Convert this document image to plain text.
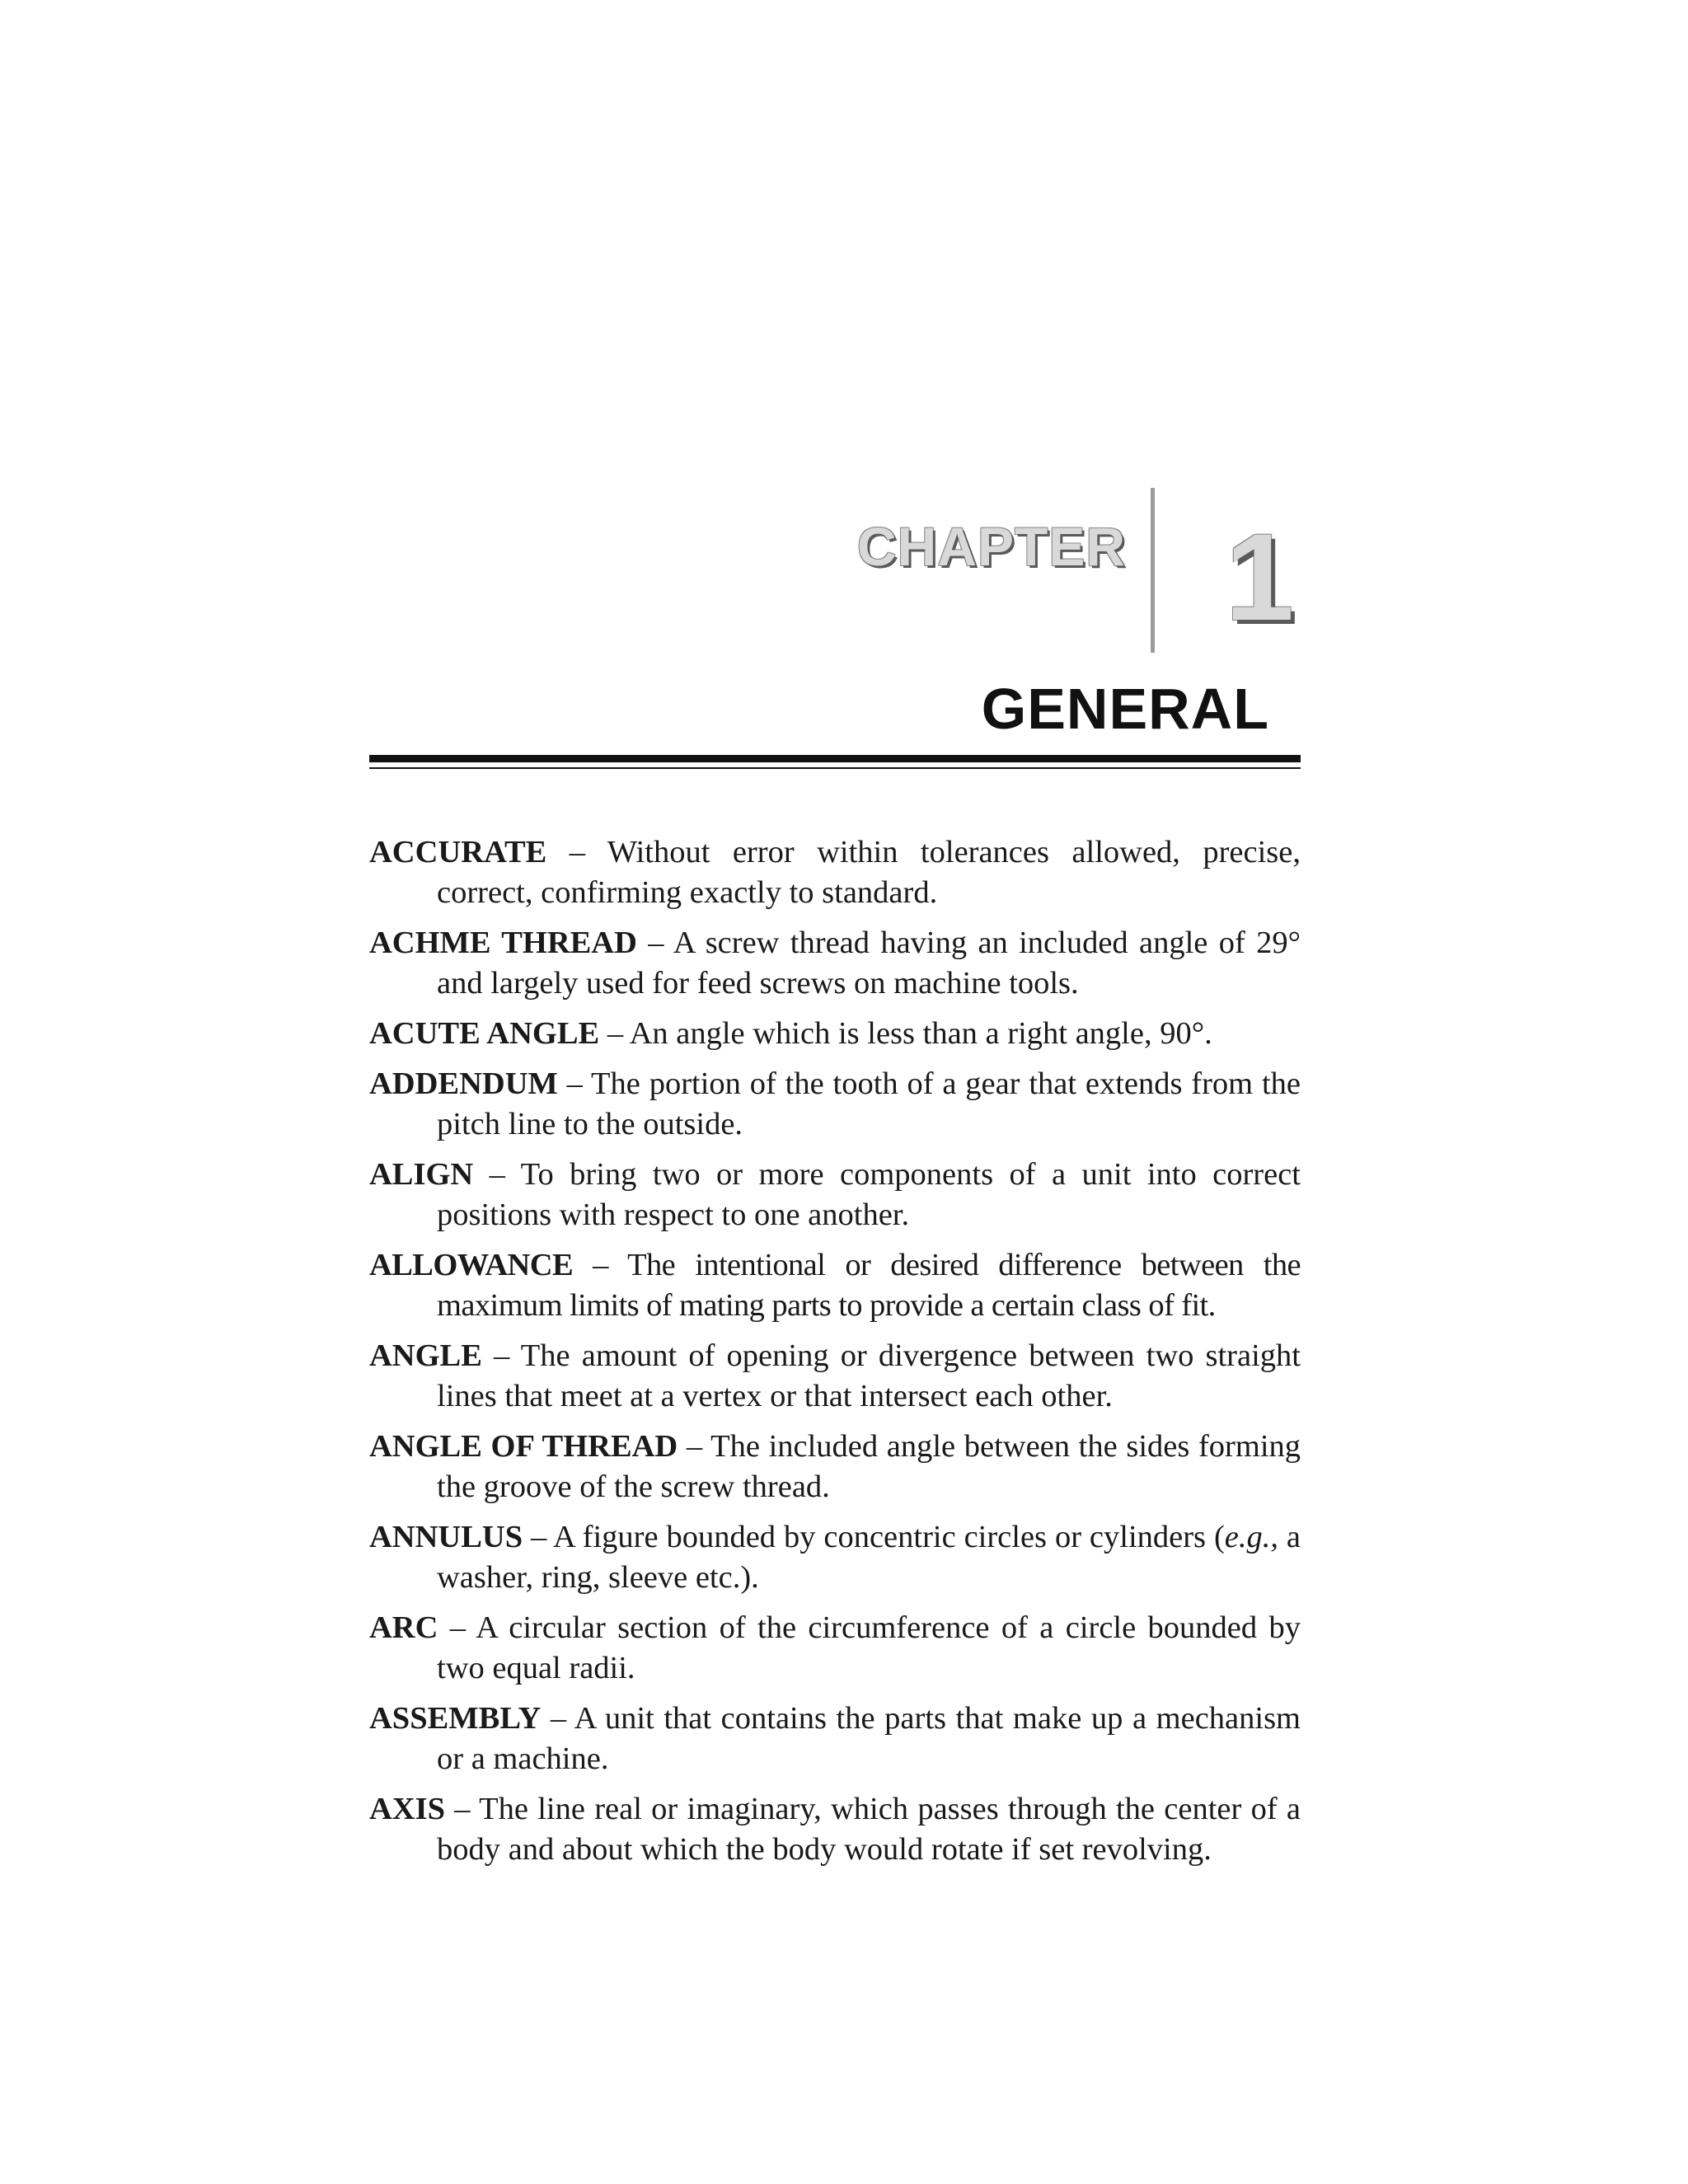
CHAPTER 1
GENERAL

ACCURATE – Without error within tolerances allowed, precise, correct, confirming exactly to standard.

ACHME THREAD – A screw thread having an included angle of 29° and largely used for feed screws on machine tools.

ACUTE ANGLE – An angle which is less than a right angle, 90°.

ADDENDUM – The portion of the tooth of a gear that extends from the pitch line to the outside.

ALIGN – To bring two or more components of a unit into correct positions with respect to one another.

ALLOWANCE – The intentional or desired difference between the maximum limits of mating parts to provide a certain class of fit.

ANGLE – The amount of opening or divergence between two straight lines that meet at a vertex or that intersect each other.

ANGLE OF THREAD – The included angle between the sides forming the groove of the screw thread.

ANNULUS – A figure bounded by concentric circles or cylinders (e.g., a washer, ring, sleeve etc.).

ARC – A circular section of the circumference of a circle bounded by two equal radii.

ASSEMBLY – A unit that contains the parts that make up a mechanism or a machine.

AXIS – The line real or imaginary, which passes through the center of a body and about which the body would rotate if set revolving.
